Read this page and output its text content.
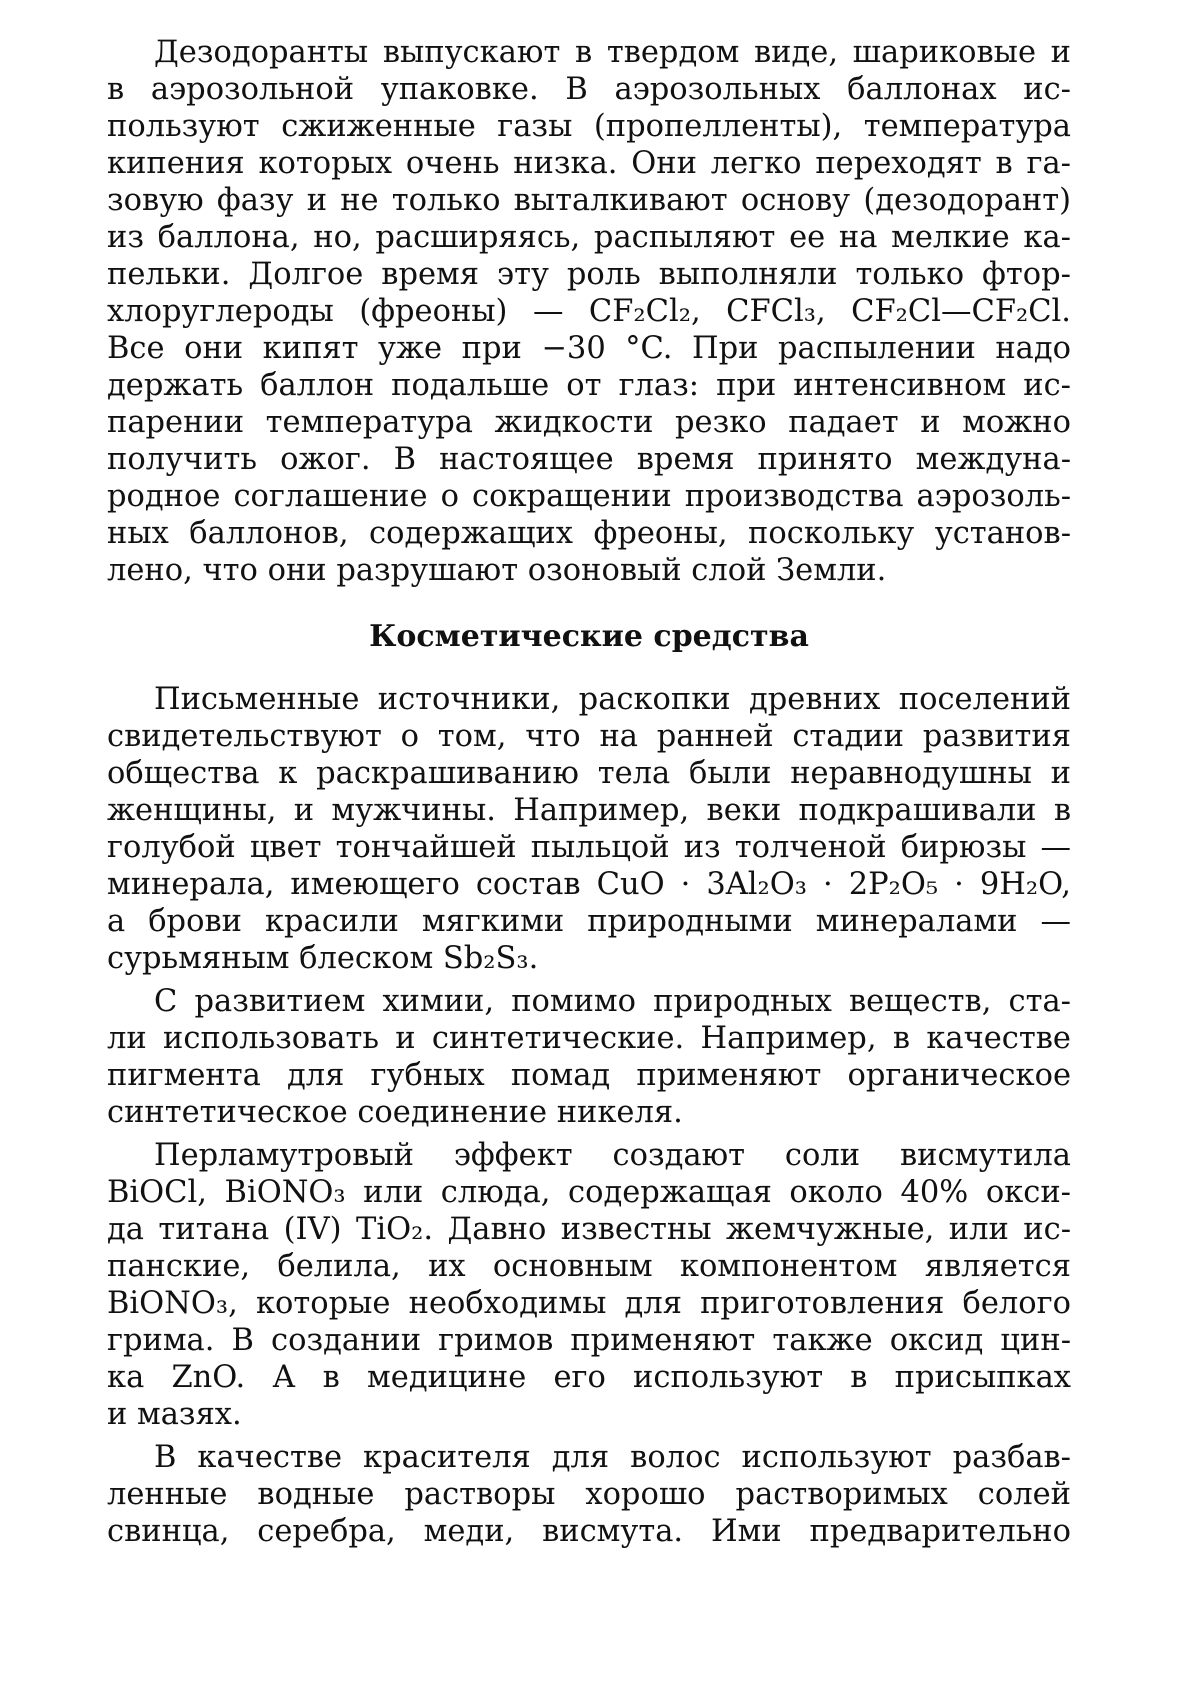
Дезодоранты выпускают в твердом виде, шариковые и
в аэрозольной упаковке. В аэрозольных баллонах ис-
пользуют сжиженные газы (пропелленты), температура
кипения которых очень низка. Они легко переходят в га-
зовую фазу и не только выталкивают основу (дезодорант)
из баллона, но, расширяясь, распыляют ее на мелкие ка-
пельки. Долгое время эту роль выполняли только фтор-
хлоруглероды (фреоны) — CF₂Cl₂, CFCl₃, CF₂Cl—CF₂Cl.
Все они кипят уже при −30 °C. При распылении надо
держать баллон подальше от глаз: при интенсивном ис-
парении температура жидкости резко падает и можно
получить ожог. В настоящее время принято междуна-
родное соглашение о сокращении производства аэрозоль-
ных баллонов, содержащих фреоны, поскольку установ-
лено, что они разрушают озоновый слой Земли.
Косметические средства
Письменные источники, раскопки древних поселений
свидетельствуют о том, что на ранней стадии развития
общества к раскрашиванию тела были неравнодушны и
женщины, и мужчины. Например, веки подкрашивали в
голубой цвет тончайшей пыльцой из толченой бирюзы —
минерала, имеющего состав CuO · 3Al₂O₃ · 2P₂O₅ · 9H₂O,
а брови красили мягкими природными минералами —
сурьмяным блеском Sb₂S₃.
С развитием химии, помимо природных веществ, ста-
ли использовать и синтетические. Например, в качестве
пигмента для губных помад применяют органическое
синтетическое соединение никеля.
Перламутровый эффект создают соли висмутила
BiOCl, BiONO₃ или слюда, содержащая около 40% окси-
да титана (IV) TiO₂. Давно известны жемчужные, или ис-
панские, белила, их основным компонентом является
BiONO₃, которые необходимы для приготовления белого
грима. В создании гримов применяют также оксид цин-
ка ZnO. А в медицине его используют в присыпках
и мазях.
В качестве красителя для волос используют разбав-
ленные водные растворы хорошо растворимых солей
свинца, серебра, меди, висмута. Ими предварительно
